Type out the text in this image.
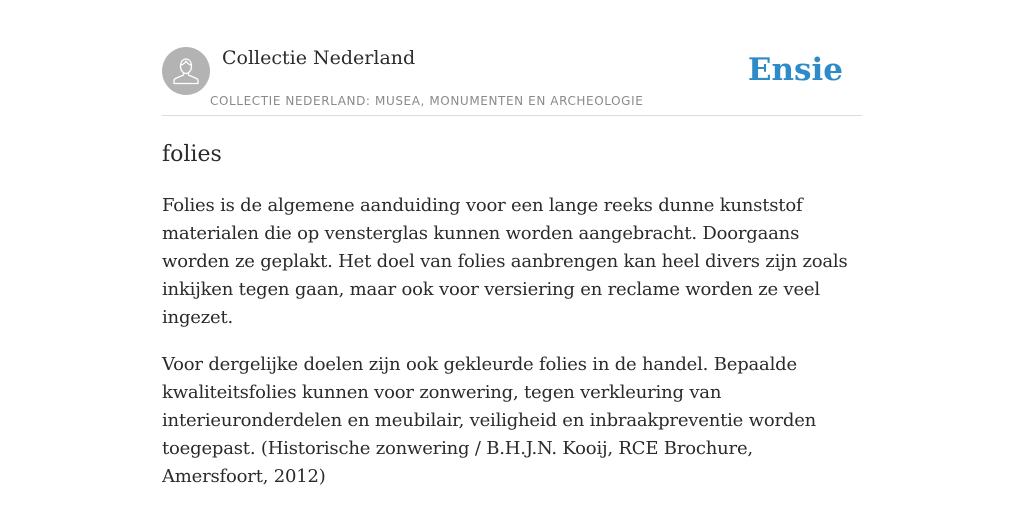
Collectie Nederland
COLLECTIE NEDERLAND: MUSEA, MONUMENTEN EN ARCHEOLOGIE
Ensie
folies

Folies is de algemene aanduiding voor een lange reeks dunne kunststof materialen die op vensterglas kunnen worden aangebracht. Doorgaans worden ze geplakt. Het doel van folies aanbrengen kan heel divers zijn zoals inkijken tegen gaan, maar ook voor versiering en reclame worden ze veel ingezet.

Voor dergelijke doelen zijn ook gekleurde folies in de handel. Bepaalde kwaliteitsfolies kunnen voor zonwering, tegen verkleuring van interieuronderdelen en meubilair, veiligheid en inbraakpreventie worden toegepast. (Historische zonwering / B.H.J.N. Kooij, RCE Brochure, Amersfoort, 2012)
